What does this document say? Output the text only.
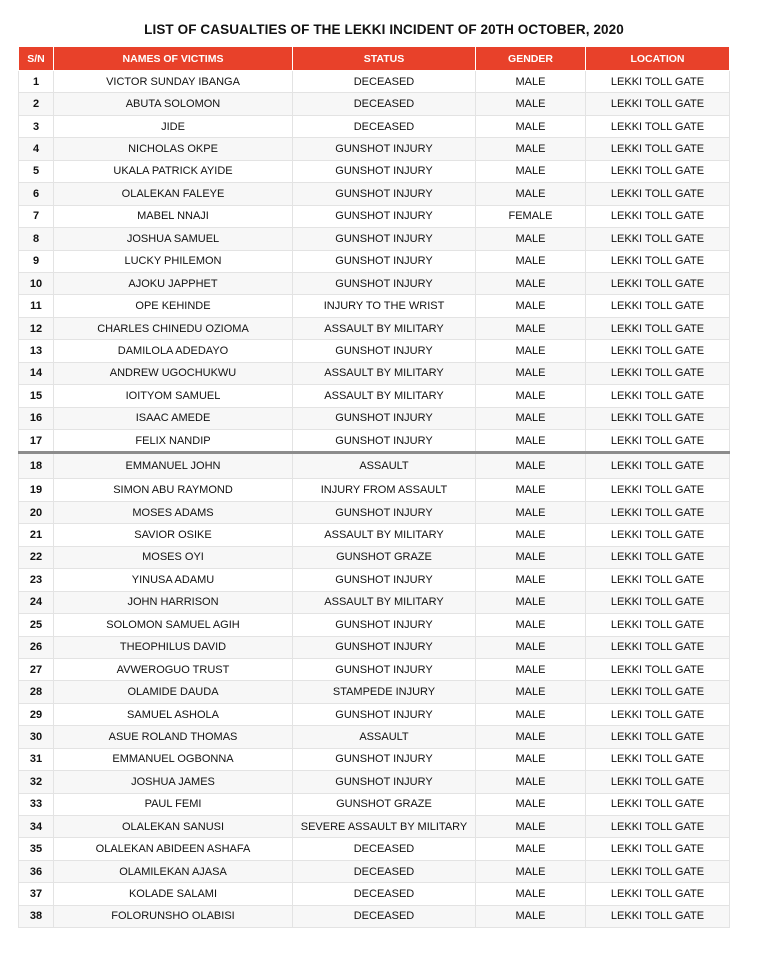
LIST OF CASUALTIES OF THE LEKKI INCIDENT OF 20TH OCTOBER, 2020
S/N	NAMES OF VICTIMS	STATUS	GENDER	LOCATION
1	VICTOR SUNDAY IBANGA	DECEASED	MALE	LEKKI TOLL GATE
2	ABUTA SOLOMON	DECEASED	MALE	LEKKI TOLL GATE
3	JIDE	DECEASED	MALE	LEKKI TOLL GATE
4	NICHOLAS OKPE	GUNSHOT INJURY	MALE	LEKKI TOLL GATE
5	UKALA PATRICK AYIDE	GUNSHOT INJURY	MALE	LEKKI TOLL GATE
6	OLALEKAN FALEYE	GUNSHOT INJURY	MALE	LEKKI TOLL GATE
7	MABEL NNAJI	GUNSHOT INJURY	FEMALE	LEKKI TOLL GATE
8	JOSHUA SAMUEL	GUNSHOT INJURY	MALE	LEKKI TOLL GATE
9	LUCKY PHILEMON	GUNSHOT INJURY	MALE	LEKKI TOLL GATE
10	AJOKU JAPPHET	GUNSHOT INJURY	MALE	LEKKI TOLL GATE
11	OPE KEHINDE	INJURY TO THE WRIST	MALE	LEKKI TOLL GATE
12	CHARLES CHINEDU OZIOMA	ASSAULT BY MILITARY	MALE	LEKKI TOLL GATE
13	DAMILOLA ADEDAYO	GUNSHOT INJURY	MALE	LEKKI TOLL GATE
14	ANDREW UGOCHUKWU	ASSAULT BY MILITARY	MALE	LEKKI TOLL GATE
15	IOITYOM SAMUEL	ASSAULT BY MILITARY	MALE	LEKKI TOLL GATE
16	ISAAC AMEDE	GUNSHOT INJURY	MALE	LEKKI TOLL GATE
17	FELIX NANDIP	GUNSHOT INJURY	MALE	LEKKI TOLL GATE
18	EMMANUEL JOHN	ASSAULT	MALE	LEKKI TOLL GATE
19	SIMON ABU RAYMOND	INJURY FROM ASSAULT	MALE	LEKKI TOLL GATE
20	MOSES ADAMS	GUNSHOT INJURY	MALE	LEKKI TOLL GATE
21	SAVIOR OSIKE	ASSAULT BY MILITARY	MALE	LEKKI TOLL GATE
22	MOSES OYI	GUNSHOT GRAZE	MALE	LEKKI TOLL GATE
23	YINUSA ADAMU	GUNSHOT INJURY	MALE	LEKKI TOLL GATE
24	JOHN HARRISON	ASSAULT BY MILITARY	MALE	LEKKI TOLL GATE
25	SOLOMON SAMUEL AGIH	GUNSHOT INJURY	MALE	LEKKI TOLL GATE
26	THEOPHILUS DAVID	GUNSHOT INJURY	MALE	LEKKI TOLL GATE
27	AVWEROGUO TRUST	GUNSHOT INJURY	MALE	LEKKI TOLL GATE
28	OLAMIDE DAUDA	STAMPEDE INJURY	MALE	LEKKI TOLL GATE
29	SAMUEL ASHOLA	GUNSHOT INJURY	MALE	LEKKI TOLL GATE
30	ASUE ROLAND THOMAS	ASSAULT	MALE	LEKKI TOLL GATE
31	EMMANUEL OGBONNA	GUNSHOT INJURY	MALE	LEKKI TOLL GATE
32	JOSHUA JAMES	GUNSHOT INJURY	MALE	LEKKI TOLL GATE
33	PAUL FEMI	GUNSHOT GRAZE	MALE	LEKKI TOLL GATE
34	OLALEKAN SANUSI	SEVERE ASSAULT BY MILITARY	MALE	LEKKI TOLL GATE
35	OLALEKAN ABIDEEN ASHAFA	DECEASED	MALE	LEKKI TOLL GATE
36	OLAMILEKAN AJASA	DECEASED	MALE	LEKKI TOLL GATE
37	KOLADE SALAMI	DECEASED	MALE	LEKKI TOLL GATE
38	FOLORUNSHO OLABISI	DECEASED	MALE	LEKKI TOLL GATE
